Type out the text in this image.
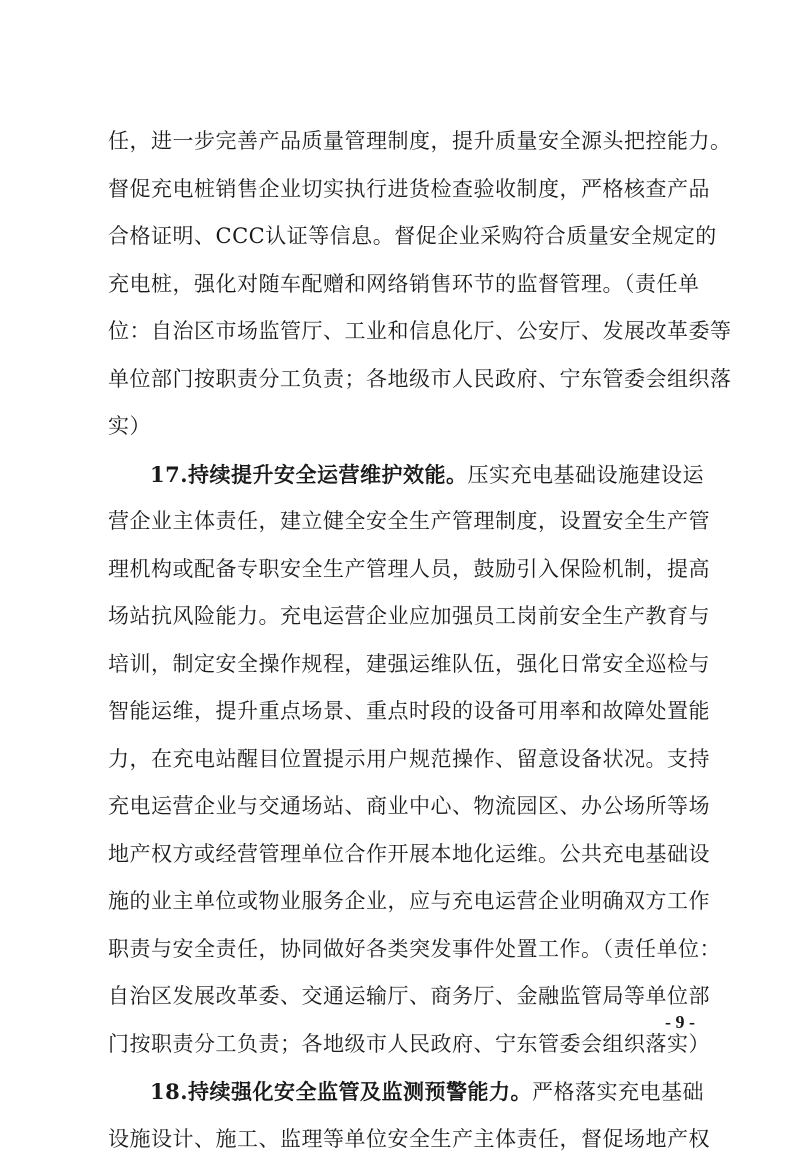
任，进一步完善产品质量管理制度，提升质量安全源头把控能力。
督促充电桩销售企业切实执行进货检查验收制度，严格核查产品
合格证明、CCC认证等信息。督促企业采购符合质量安全规定的
充电桩，强化对随车配赠和网络销售环节的监督管理。（责任单
位：自治区市场监管厅、工业和信息化厅、公安厅、发展改革委等
单位部门按职责分工负责；各地级市人民政府、宁东管委会组织落
实）
17.持续提升安全运营维护效能。压实充电基础设施建设运
营企业主体责任，建立健全安全生产管理制度，设置安全生产管
理机构或配备专职安全生产管理人员，鼓励引入保险机制，提高
场站抗风险能力。充电运营企业应加强员工岗前安全生产教育与
培训，制定安全操作规程，建强运维队伍，强化日常安全巡检与
智能运维，提升重点场景、重点时段的设备可用率和故障处置能
力，在充电站醒目位置提示用户规范操作、留意设备状况。支持
充电运营企业与交通场站、商业中心、物流园区、办公场所等场
地产权方或经营管理单位合作开展本地化运维。公共充电基础设
施的业主单位或物业服务企业，应与充电运营企业明确双方工作
职责与安全责任，协同做好各类突发事件处置工作。（责任单位：
自治区发展改革委、交通运输厅、商务厅、金融监管局等单位部
门按职责分工负责；各地级市人民政府、宁东管委会组织落实）
18.持续强化安全监管及监测预警能力。严格落实充电基础
设施设计、施工、监理等单位安全生产主体责任，督促场地产权
- 9 -
